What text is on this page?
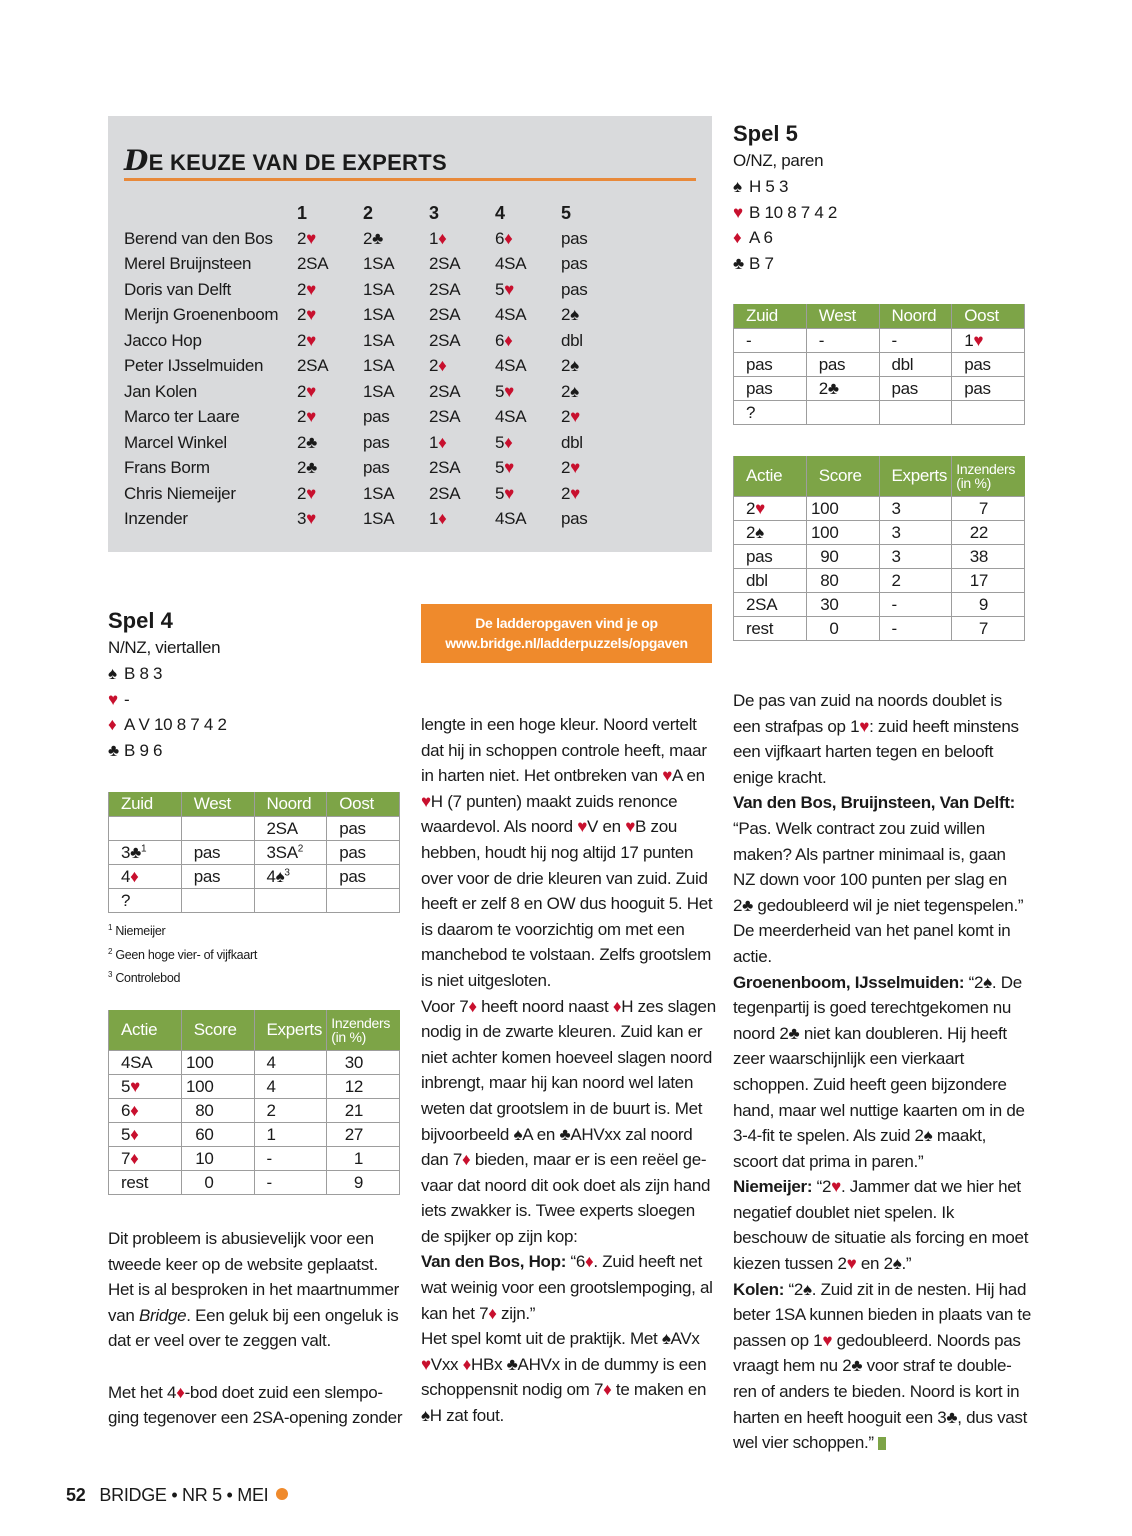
DE KEUZE VAN DE EXPERTS
	1	2	3	4	5
Berend van den Bos	2♥	2♣	1♦	6♦	pas
Merel Bruijnsteen	2SA	1SA	2SA	4SA	pas
Doris van Delft	2♥	1SA	2SA	5♥	pas
Merijn Groenenboom	2♥	1SA	2SA	4SA	2♠
Jacco Hop	2♥	1SA	2SA	6♦	dbl
Peter IJsselmuiden	2SA	1SA	2♦	4SA	2♠
Jan Kolen	2♥	1SA	2SA	5♥	2♠
Marco ter Laare	2♥	pas	2SA	4SA	2♥
Marcel Winkel	2♣	pas	1♦	5♦	dbl
Frans Borm	2♣	pas	2SA	5♥	2♥
Chris Niemeijer	2♥	1SA	2SA	5♥	2♥
Inzender	3♥	1SA	1♦	4SA	pas
Spel 4
N/NZ, viertallen
♠ B 8 3
♥ -
♦ A V 10 8 7 4 2
♣ B 9 6
Zuid	West	Noord	Oost
		2SA	pas
3♣$^1$	pas	$3SA^2$	pas
4♦	pas	4♠$^3$	pas
?			
$^1$ Niemeijer
$^2$ Geen hoge vier- of vijfkaart
$^3$ Controlebod
Actie	Score	Experts	Inzenders
(in %)
4SA	100	4	30
5♥	100	4	12
6♦	80	2	21
5♦	60	1	27
7♦	10	-	1
rest	0	-	9

Dit probleem is abusievelijk voor een tweede keer op de website geplaatst. Het is al besproken in het maartnummer van Bridge. Een geluk bij een ongeluk is dat er veel over te zeggen valt.

Met het 4♦-bod doet zuid een slempo-ging tegenover een 2SA-opening zonder

De ladderopgaven vind je op
www.bridge.nl/ladderpuzzels/opgaven

lengte in een hoge kleur. Noord vertelt dat hij in schoppen controle heeft, maar in harten niet. Het ontbreken van ♥A en ♥H (7 punten) maakt zuids renonce waardevol. Als noord ♥V en ♥B zou hebben, houdt hij nog altijd 17 punten over voor de drie kleuren van zuid. Zuid heeft er zelf 8 en OW dus hooguit 5. Het is daarom te voorzichtig om met een manchebod te volstaan. Zelfs grootslem is niet uitgesloten.

Voor 7♦ heeft noord naast ♦H zes slagen nodig in de zwarte kleuren. Zuid kan er niet achter komen hoeveel slagen noord inbrengt, maar hij kan noord wel laten weten dat grootslem in de buurt is. Met bijvoorbeeld ♠A en ♣AHVxx zal noord dan 7♦ bieden, maar er is een reëel ge-vaar dat noord dit ook doet als zijn hand iets zwakker is. Twee experts sloegen de spijker op zijn kop:

Van den Bos, Hop: “6♦. Zuid heeft net wat weinig voor een grootslempoging, al kan het 7♦ zijn.”

Het spel komt uit de praktijk. Met ♠AVx ♥Vxx ♦HBx ♣AHVx in de dummy is een schoppensnit nodig om 7♦ te maken en ♠H zat fout.

Spel 5
O/NZ, paren
♠ H 5 3
♥ B 10 8 7 4 2
♦ A 6
♣ B 7
Zuid	West	Noord	Oost
-	-	-	1♥
pas	pas	dbl	pas
pas	2♣	pas	pas
?			
Actie	Score	Experts	Inzenders
(in %)
2♥	100	3	7
2♠	100	3	22
pas	90	3	38
dbl	80	2	17
2SA	30	-	9
rest	0	-	7

De pas van zuid na noords doublet is een strafpas op 1♥: zuid heeft minstens een vijfkaart harten tegen en belooft enige kracht.

Van den Bos, Bruijnsteen, Van Delft: “Pas. Welk contract zou zuid willen maken? Als partner minimaal is, gaan NZ down voor 100 punten per slag en 2♣ gedoubleerd wil je niet tegenspelen.”

De meerderheid van het panel komt in actie.

Groenenboom, IJsselmuiden: “2♠. De tegenpartij is goed terechtgekomen nu noord 2♣ niet kan doubleren. Hij heeft zeer waarschijnlijk een vierkaart schoppen. Zuid heeft geen bijzondere hand, maar wel nuttige kaarten om in de 3-4-fit te spelen. Als zuid 2♠ maakt, scoort dat prima in paren.”

Niemeijer: “2♥. Jammer dat we hier het negatief doublet niet spelen. Ik beschouw de situatie als forcing en moet kiezen tussen 2♥ en 2♠.”

Kolen: “2♠. Zuid zit in de nesten. Hij had beter 1SA kunnen bieden in plaats van te passen op 1♥ gedoubleerd. Noords pas vraagt hem nu 2♣ voor straf te double-ren of anders te bieden. Noord is kort in harten en heeft hooguit een 3♣, dus vast wel vier schoppen.”

52 BRIDGE • NR 5 • MEI
